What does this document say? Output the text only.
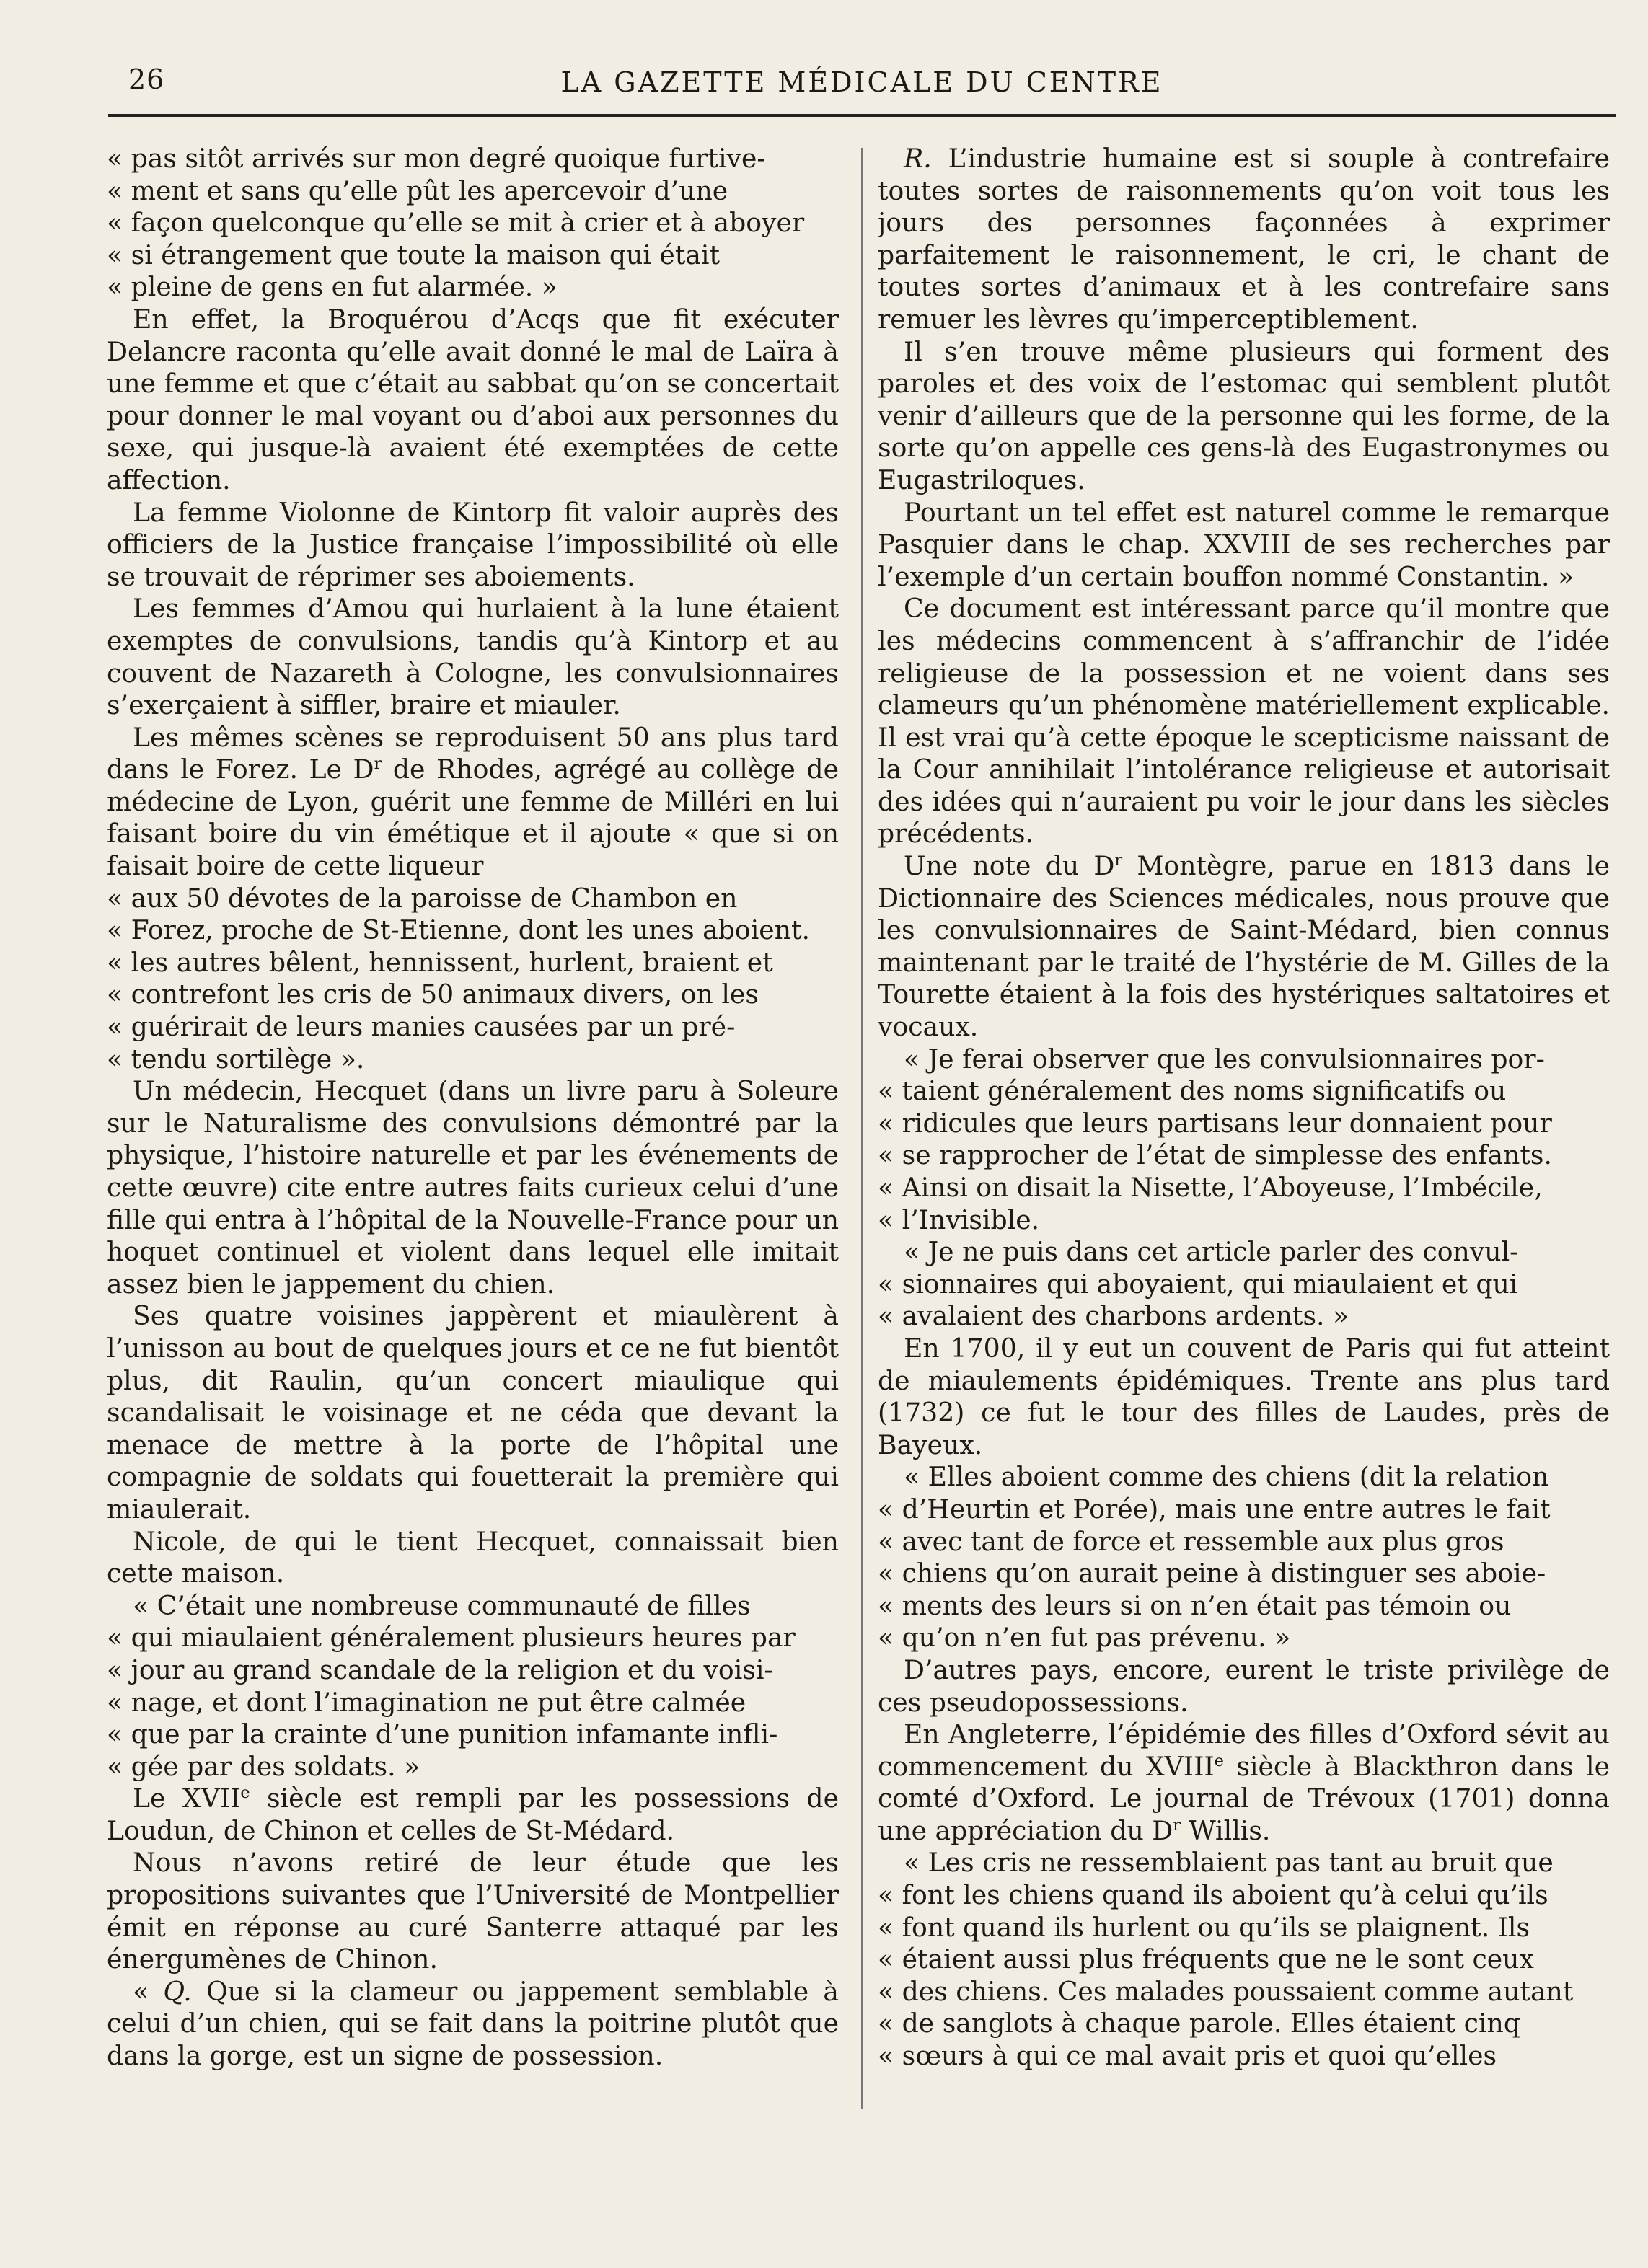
26	LA GAZETTE MÉDICALE DU CENTRE

« pas sitôt arrivés sur mon degré quoique furtive-
« ment et sans qu’elle pût les apercevoir d’une
« façon quelconque qu’elle se mit à crier et à aboyer
« si étrangement que toute la maison qui était
« pleine de gens en fut alarmée. »

En effet, la Broquérou d’Acqs que fit exécuter Delancre raconta qu’elle avait donné le mal de Laïra à une femme et que c’était au sabbat qu’on se concertait pour donner le mal voyant ou d’aboi aux personnes du sexe, qui jusque-là avaient été exemptées de cette affection.

La femme Violonne de Kintorp fit valoir auprès des officiers de la Justice française l’impossibilité où elle se trouvait de réprimer ses aboiements.

Les femmes d’Amou qui hurlaient à la lune étaient exemptes de convulsions, tandis qu’à Kintorp et au couvent de Nazareth à Cologne, les convulsionnaires s’exerçaient à siffler, braire et miauler.

Les mêmes scènes se reproduisent 50 ans plus tard dans le Forez. Le $D^r$ de Rhodes, agrégé au collège de médecine de Lyon, guérit une femme de Milléri en lui faisant boire du vin émétique et il ajoute « que si on faisait boire de cette liqueur
« aux 50 dévotes de la paroisse de Chambon en
« Forez, proche de St-Etienne, dont les unes aboient.
« les autres bêlent, hennissent, hurlent, braient et
« contrefont les cris de 50 animaux divers, on les
« guérirait de leurs manies causées par un pré-
« tendu sortilège ».

Un médecin, Hecquet (dans un livre paru à Soleure sur le Naturalisme des convulsions démontré par la physique, l’histoire naturelle et par les événements de cette œuvre) cite entre autres faits curieux celui d’une fille qui entra à l’hôpital de la Nouvelle-France pour un hoquet continuel et violent dans lequel elle imitait assez bien le jappement du chien.

Ses quatre voisines jappèrent et miaulèrent à l’unisson au bout de quelques jours et ce ne fut bientôt plus, dit Raulin, qu’un concert miaulique qui scandalisait le voisinage et ne céda que devant la menace de mettre à la porte de l’hôpital une compagnie de soldats qui fouetterait la première qui miaulerait.

Nicole, de qui le tient Hecquet, connaissait bien cette maison.

« C’était une nombreuse communauté de filles
« qui miaulaient généralement plusieurs heures par
« jour au grand scandale de la religion et du voisi-
« nage, et dont l’imagination ne put être calmée
« que par la crainte d’une punition infamante infli-
« gée par des soldats. »

Le XVIIe siècle est rempli par les possessions de Loudun, de Chinon et celles de St-Médard.

Nous n’avons retiré de leur étude que les propositions suivantes que l’Université de Montpellier émit en réponse au curé Santerre attaqué par les énergumènes de Chinon.

« Q. Que si la clameur ou jappement semblable à celui d’un chien, qui se fait dans la poitrine plutôt que dans la gorge, est un signe de possession.

R. L’industrie humaine est si souple à contrefaire toutes sortes de raisonnements qu’on voit tous les jours des personnes façonnées à exprimer parfaitement le raisonnement, le cri, le chant de toutes sortes d’animaux et à les contrefaire sans remuer les lèvres qu’imperceptiblement.

Il s’en trouve même plusieurs qui forment des paroles et des voix de l’estomac qui semblent plutôt venir d’ailleurs que de la personne qui les forme, de la sorte qu’on appelle ces gens-là des Eugastronymes ou Eugastriloques.

Pourtant un tel effet est naturel comme le remarque Pasquier dans le chap. XXVIII de ses recherches par l’exemple d’un certain bouffon nommé Constantin. »

Ce document est intéressant parce qu’il montre que les médecins commencent à s’affranchir de l’idée religieuse de la possession et ne voient dans ses clameurs qu’un phénomène matériellement explicable. Il est vrai qu’à cette époque le scepticisme naissant de la Cour annihilait l’intolérance religieuse et autorisait des idées qui n’auraient pu voir le jour dans les siècles précédents.

Une note du $D^r$ Montègre, parue en 1813 dans le Dictionnaire des Sciences médicales, nous prouve que les convulsionnaires de Saint-Médard, bien connus maintenant par le traité de l’hystérie de M. Gilles de la Tourette étaient à la fois des hystériques saltatoires et vocaux.

« Je ferai observer que les convulsionnaires por-
« taient généralement des noms significatifs ou
« ridicules que leurs partisans leur donnaient pour
« se rapprocher de l’état de simplesse des enfants.
« Ainsi on disait la Nisette, l’Aboyeuse, l’Imbécile,
« l’Invisible.

« Je ne puis dans cet article parler des convul-
« sionnaires qui aboyaient, qui miaulaient et qui
« avalaient des charbons ardents. »

En 1700, il y eut un couvent de Paris qui fut atteint de miaulements épidémiques. Trente ans plus tard (1732) ce fut le tour des filles de Laudes, près de Bayeux.

« Elles aboient comme des chiens (dit la relation
« d’Heurtin et Porée), mais une entre autres le fait
« avec tant de force et ressemble aux plus gros
« chiens qu’on aurait peine à distinguer ses aboie-
« ments des leurs si on n’en était pas témoin ou
« qu’on n’en fut pas prévenu. »

D’autres pays, encore, eurent le triste privilège de ces pseudopossessions.

En Angleterre, l’épidémie des filles d’Oxford sévit au commencement du XVIIIe siècle à Blackthron dans le comté d’Oxford. Le journal de Trévoux (1701) donna une appréciation du $D^r$ Willis.

« Les cris ne ressemblaient pas tant au bruit que
« font les chiens quand ils aboient qu’à celui qu’ils
« font quand ils hurlent ou qu’ils se plaignent. Ils
« étaient aussi plus fréquents que ne le sont ceux
« des chiens. Ces malades poussaient comme autant
« de sanglots à chaque parole. Elles étaient cinq
« sœurs à qui ce mal avait pris et quoi qu’elles
